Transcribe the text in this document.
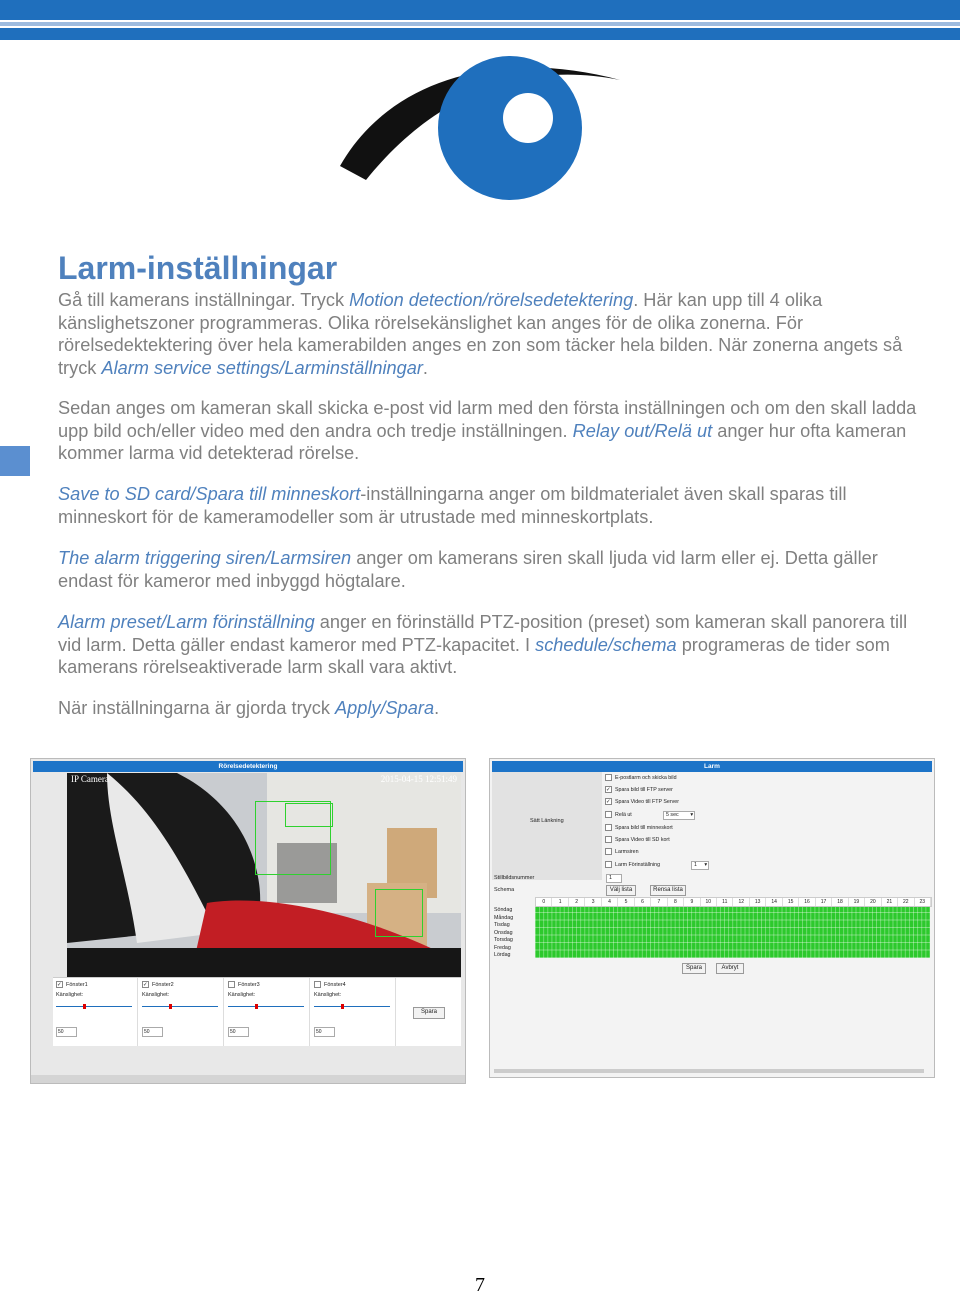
Larm-inställningar

Gå till kamerans inställningar. Tryck Motion detection/rörelsedetektering. Här kan upp till 4 olika känslighetszoner programmeras. Olika rörelsekänslighet kan anges för de olika zonerna. För rörelsedektektering över hela kamerabilden anges en zon som täcker hela bilden. När zonerna angets så tryck Alarm service settings/Larminställningar.

Sedan anges om kameran skall skicka e-post vid larm med den första inställningen och om den skall ladda upp bild och/eller video med den andra och tredje inställningen. Relay out/Relä ut anger hur ofta kameran kommer larma vid detekterad rörelse.

Save to SD card/Spara till minneskort-inställningarna anger om bildmaterialet även skall sparas till minneskort för de kameramodeller som är utrustade med minneskortplats.

The alarm triggering siren/Larmsiren anger om kamerans siren skall ljuda vid larm eller ej. Detta gäller endast för kameror med inbyggd högtalare.

Alarm preset/Larm förinställning anger en förinställd PTZ-position (preset) som kameran skall panorera till vid larm. Detta gäller endast kameror med PTZ-kapacitet. I schedule/schema programeras de tider som kamerans rörelseaktiverade larm skall vara aktivt.

När inställningarna är gjorda tryck Apply/Spara.

Rörelsedetektering
IP Camera	2015-04-15 12:51:49
✓ Fönster1
Känslighet:
50
✓ Fönster2
Känslighet:
50
Fönster3
Känslighet:
50
Fönster4
Känslighet:
50
Spara
Larm
Sätt Länkning
E-postlarm och skicka bild
✓ Spara bild till FTP server
✓ Spara Video till FTP Server
Relä ut	5 sec ▾
Spara bild till minneskort
Spara Video till SD kort
Larmsiren
Larm Förinställning	1 ▾
Stillbildsnummer	1
Schema	Välj lista	Rensa lista
0	1	2	3	4	5	6	7	8	9	10	11	12	13	14	15	16	17	18	19	20	21	22	23
Söndag
Måndag
Tisdag
Onsdag
Torsdag
Fredag
Lördag
Spara	Avbryt
7
